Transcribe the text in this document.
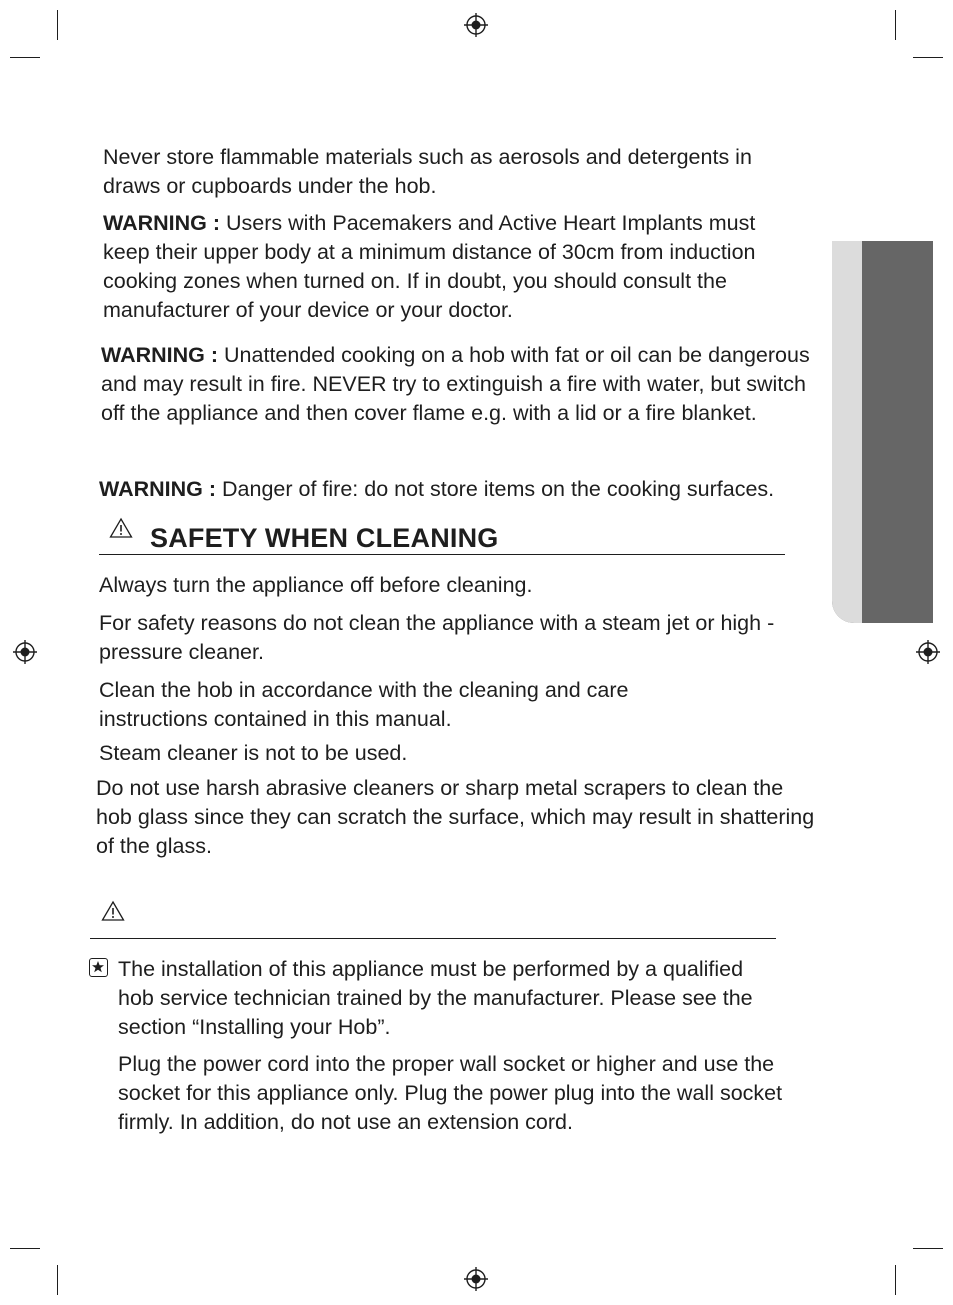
Never store flammable materials such as aerosols and detergents in draws or cupboards under the hob.

WARNING : Users with Pacemakers and Active Heart Implants must keep their upper body at a minimum distance of 30cm from induction cooking zones when turned on. If in doubt, you should consult the manufacturer of your device or your doctor.

WARNING : Unattended cooking on a hob with fat or oil can be dangerous and may result in fire. NEVER try to extinguish a fire with water, but switch off the appliance and then cover flame e.g. with a lid or a fire blanket.

WARNING : Danger of fire: do not store items on the cooking surfaces.

SAFETY WHEN CLEANING

Always turn the appliance off before cleaning.

For safety reasons do not clean the appliance with a steam jet or high - pressure cleaner.

Clean the hob in accordance with the cleaning and care instructions contained in this manual.

Steam cleaner is not to be used.

Do not use harsh abrasive cleaners or sharp metal scrapers to clean the hob glass since they can scratch the surface, which may result in shattering of the glass.

The installation of this appliance must be performed by a qualified hob service technician trained by the manufacturer. Please see the section “Installing your Hob”.

Plug the power cord into the proper wall socket or higher and use the socket for this appliance only. Plug the power plug into the wall socket firmly. In addition, do not use an extension cord.
